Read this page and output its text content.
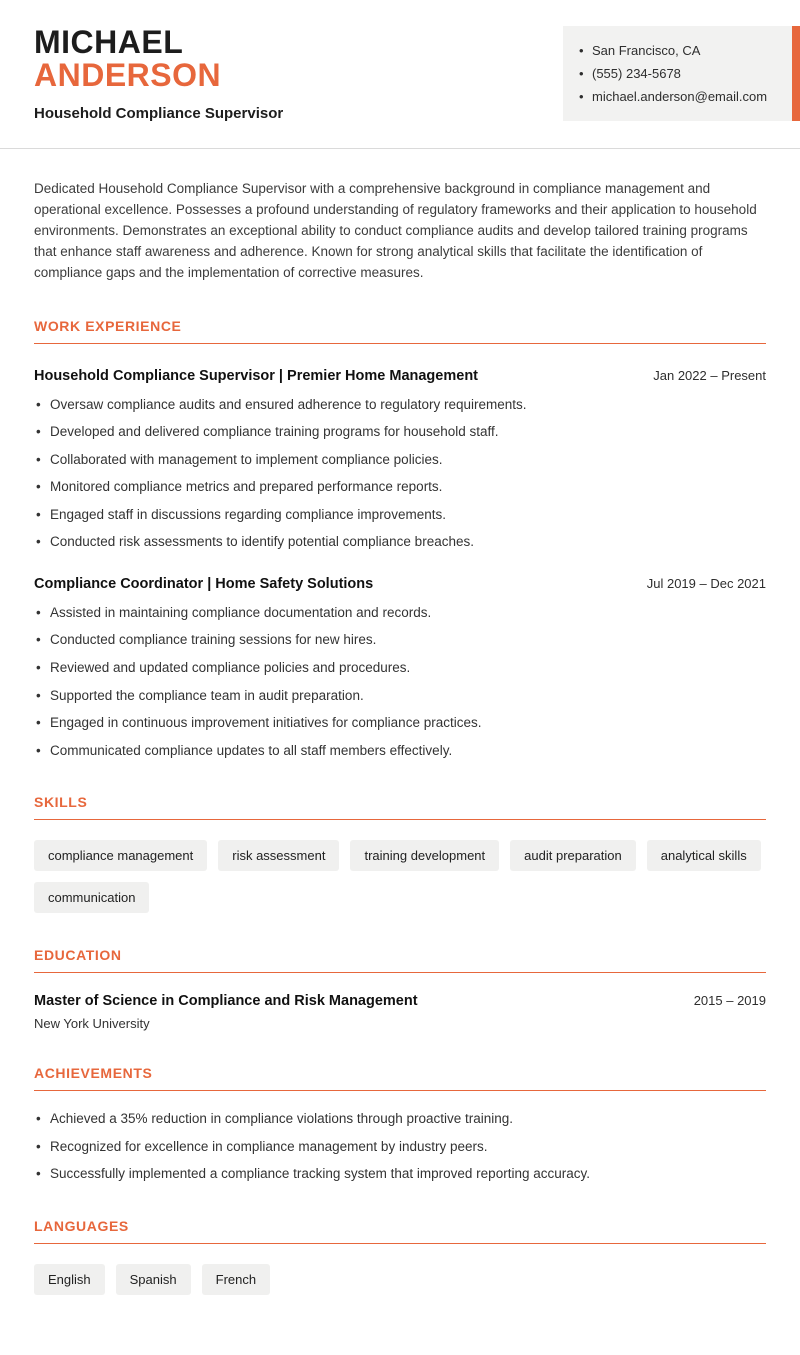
MICHAEL
ANDERSON
Household Compliance Supervisor
• San Francisco, CA
• (555) 234-5678
• michael.anderson@email.com

Dedicated Household Compliance Supervisor with a comprehensive background in compliance management and operational excellence. Possesses a profound understanding of regulatory frameworks and their application to household environments. Demonstrates an exceptional ability to conduct compliance audits and develop tailored training programs that enhance staff awareness and adherence. Known for strong analytical skills that facilitate the identification of compliance gaps and the implementation of corrective measures.

WORK EXPERIENCE
Household Compliance Supervisor | Premier Home Management	Jan 2022 – Present
• Oversaw compliance audits and ensured adherence to regulatory requirements.
• Developed and delivered compliance training programs for household staff.
• Collaborated with management to implement compliance policies.
• Monitored compliance metrics and prepared performance reports.
• Engaged staff in discussions regarding compliance improvements.
• Conducted risk assessments to identify potential compliance breaches.
Compliance Coordinator | Home Safety Solutions	Jul 2019 – Dec 2021
• Assisted in maintaining compliance documentation and records.
• Conducted compliance training sessions for new hires.
• Reviewed and updated compliance policies and procedures.
• Supported the compliance team in audit preparation.
• Engaged in continuous improvement initiatives for compliance practices.
• Communicated compliance updates to all staff members effectively.
SKILLS
compliance management	risk assessment	training development	audit preparation	analytical skills
communication
EDUCATION
Master of Science in Compliance and Risk Management	2015 – 2019
New York University
ACHIEVEMENTS
• Achieved a 35% reduction in compliance violations through proactive training.
• Recognized for excellence in compliance management by industry peers.
• Successfully implemented a compliance tracking system that improved reporting accuracy.
LANGUAGES
English	Spanish	French
